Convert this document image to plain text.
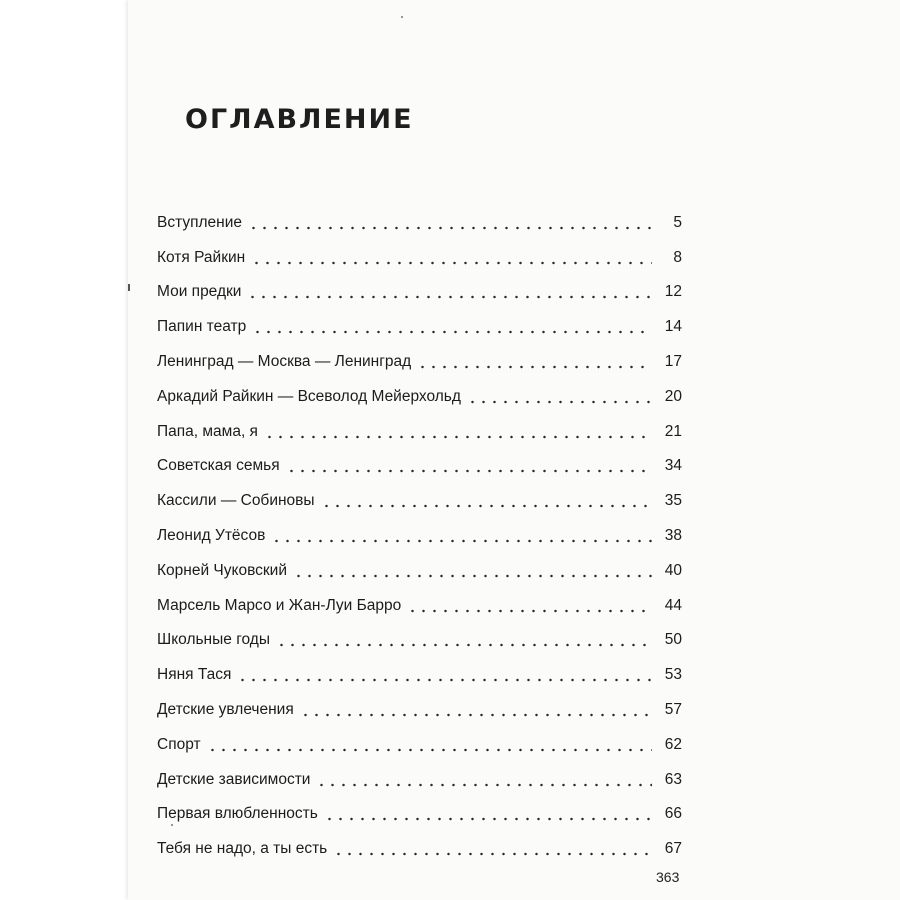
ОГЛАВЛЕНИЕ
Вступление	5
Котя Райкин	8
Мои предки	12
Папин театр	14
Ленинград — Москва — Ленинград	17
Аркадий Райкин — Всеволод Мейерхольд	20
Папа, мама, я	21
Советская семья	34
Кассили — Собиновы	35
Леонид Утёсов	38
Корней Чуковский	40
Марсель Марсо и Жан-Луи Барро	44
Школьные годы	50
Няня Тася	53
Детские увлечения	57
Спорт	62
Детские зависимости	63
Первая влюбленность	66
Тебя не надо, а ты есть	67
363
